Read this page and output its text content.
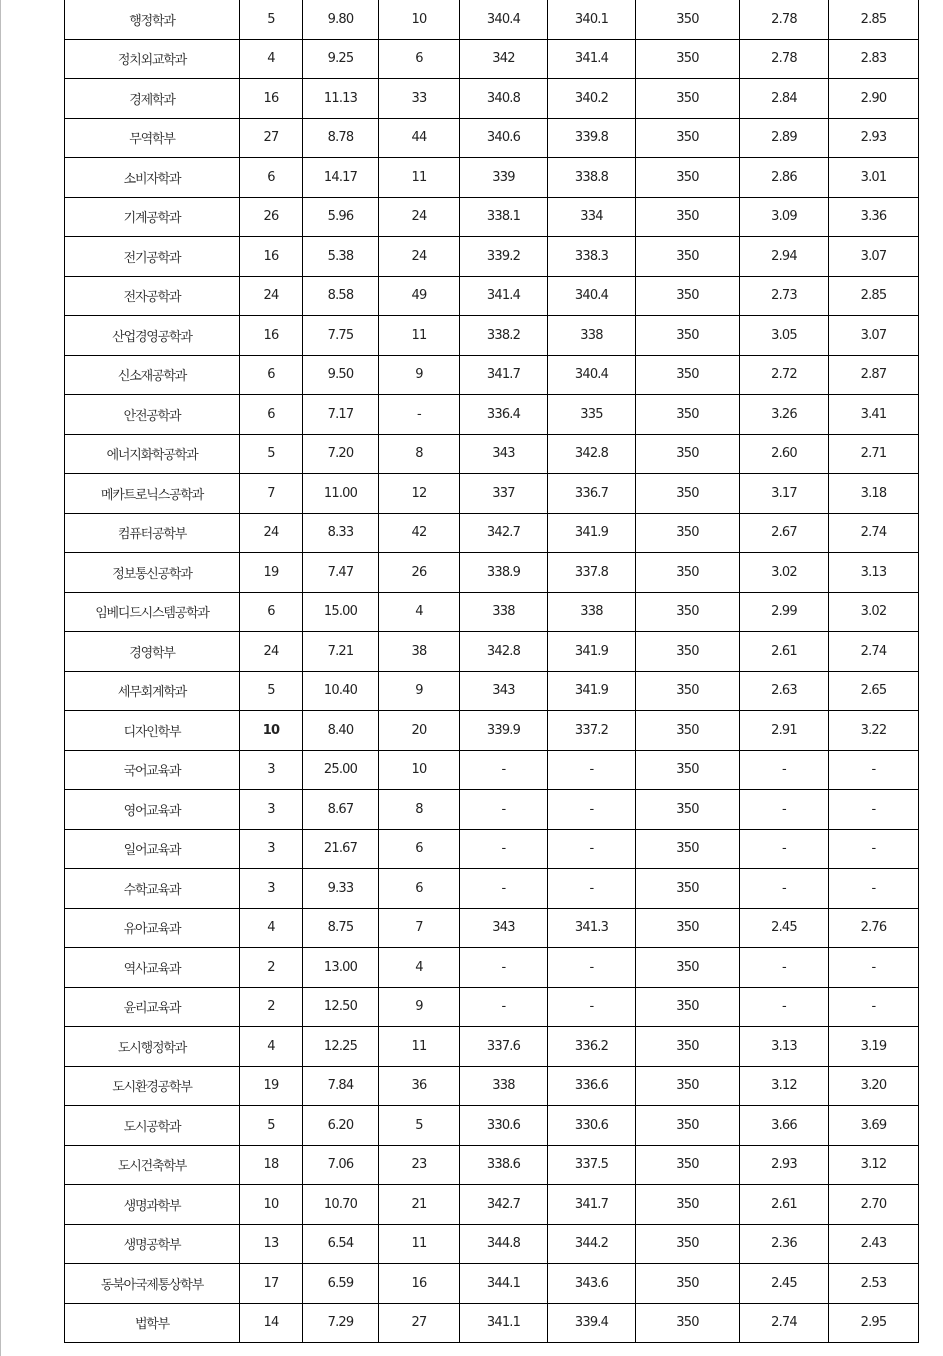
행정학과	5	9.80	10	340.4	340.1	350	2.78	2.85
정치외교학과	4	9.25	6	342	341.4	350	2.78	2.83
경제학과	16	11.13	33	340.8	340.2	350	2.84	2.90
무역학부	27	8.78	44	340.6	339.8	350	2.89	2.93
소비자학과	6	14.17	11	339	338.8	350	2.86	3.01
기계공학과	26	5.96	24	338.1	334	350	3.09	3.36
전기공학과	16	5.38	24	339.2	338.3	350	2.94	3.07
전자공학과	24	8.58	49	341.4	340.4	350	2.73	2.85
산업경영공학과	16	7.75	11	338.2	338	350	3.05	3.07
신소재공학과	6	9.50	9	341.7	340.4	350	2.72	2.87
안전공학과	6	7.17	-	336.4	335	350	3.26	3.41
에너지화학공학과	5	7.20	8	343	342.8	350	2.60	2.71
메카트로닉스공학과	7	11.00	12	337	336.7	350	3.17	3.18
컴퓨터공학부	24	8.33	42	342.7	341.9	350	2.67	2.74
정보통신공학과	19	7.47	26	338.9	337.8	350	3.02	3.13
임베디드시스템공학과	6	15.00	4	338	338	350	2.99	3.02
경영학부	24	7.21	38	342.8	341.9	350	2.61	2.74
세무회계학과	5	10.40	9	343	341.9	350	2.63	2.65
디자인학부	10	8.40	20	339.9	337.2	350	2.91	3.22
국어교육과	3	25.00	10	-	-	350	-	-
영어교육과	3	8.67	8	-	-	350	-	-
일어교육과	3	21.67	6	-	-	350	-	-
수학교육과	3	9.33	6	-	-	350	-	-
유아교육과	4	8.75	7	343	341.3	350	2.45	2.76
역사교육과	2	13.00	4	-	-	350	-	-
윤리교육과	2	12.50	9	-	-	350	-	-
도시행정학과	4	12.25	11	337.6	336.2	350	3.13	3.19
도시환경공학부	19	7.84	36	338	336.6	350	3.12	3.20
도시공학과	5	6.20	5	330.6	330.6	350	3.66	3.69
도시건축학부	18	7.06	23	338.6	337.5	350	2.93	3.12
생명과학부	10	10.70	21	342.7	341.7	350	2.61	2.70
생명공학부	13	6.54	11	344.8	344.2	350	2.36	2.43
동북아국제통상학부	17	6.59	16	344.1	343.6	350	2.45	2.53
법학부	14	7.29	27	341.1	339.4	350	2.74	2.95
